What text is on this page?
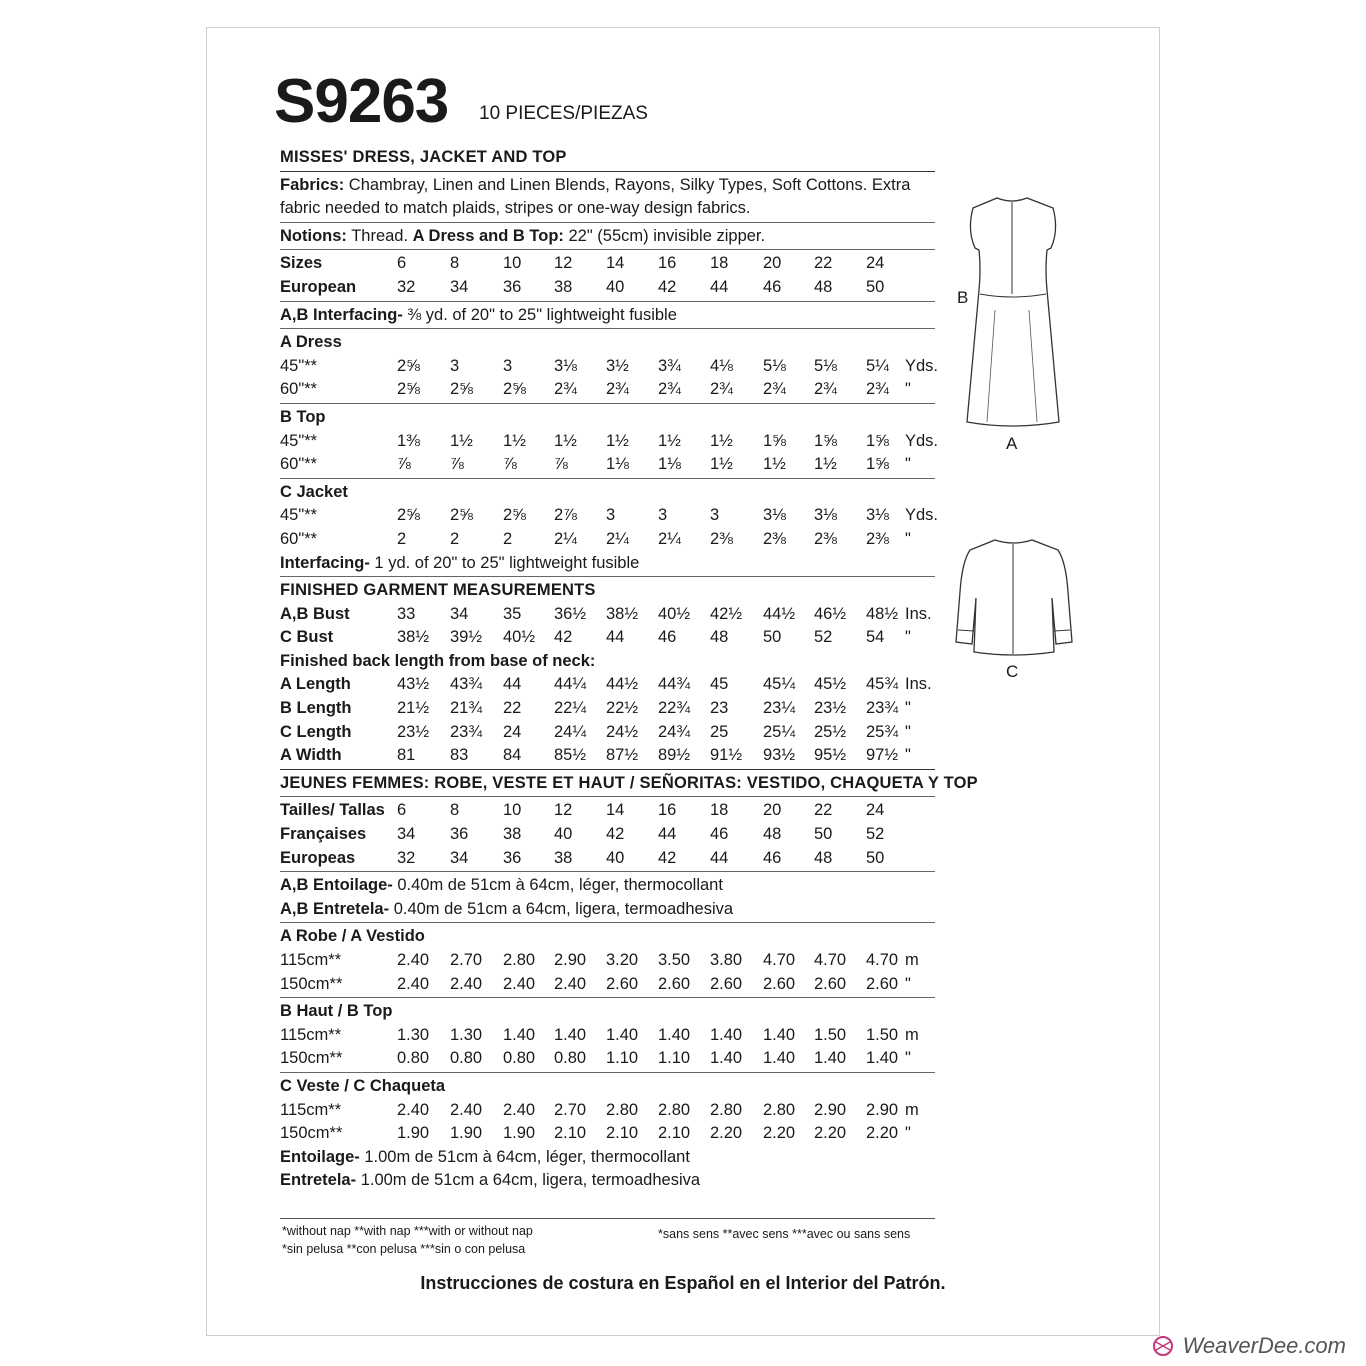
S9263 10 PIECES/PIEZAS
MISSES' DRESS, JACKET AND TOP
Fabrics: Chambray, Linen and Linen Blends, Rayons, Silky Types, Soft Cottons. Extra
fabric needed to match plaids, stripes or one-way design fabrics.
Notions: Thread. A Dress and B Top: 22" (55cm) invisible zipper.
Sizes	6	8	10 12 14 16 18 20 22 24
European 32 34 36 38 40 42 44 46 48 50
A,B Interfacing- ⅜ yd. of 20" to 25" lightweight fusible
A Dress
45"**	2⅝ 3	3	3⅛ 3½ 3¾ 4⅛ 5⅛ 5⅛ 5¼ Yds.
60"**	2⅝ 2⅝ 2⅝ 2¾ 2¾ 2¾ 2¾ 2¾ 2¾ 2¾ "
B Top
45"**	1⅜ 1½ 1½ 1½ 1½ 1½ 1½ 1⅝ 1⅝ 1⅝ Yds.
60"**	⅞ ⅞ ⅞ ⅞ 1⅛ 1⅛ 1½ 1½ 1½ 1⅝ "
C Jacket
45"**	2⅝ 2⅝ 2⅝ 2⅞ 3	3	3	3⅛ 3⅛ 3⅛ Yds.
60"**	2	2	2	2¼ 2¼ 2¼ 2⅜ 2⅜ 2⅜ 2⅜ "
Interfacing- 1 yd. of 20" to 25" lightweight fusible
FINISHED GARMENT MEASUREMENTS
A,B Bust	33 34 35 36½ 38½ 40½ 42½ 44½ 46½ 48½ Ins.
C Bust	38½ 39½ 40½ 42 44 46 48 50 52 54 "
Finished back length from base of neck:
A Length	43½ 43¾ 44 44¼ 44½ 44¾ 45 45¼ 45½ 45¾ Ins.
B Length	21½ 21¾ 22 22¼ 22½ 22¾ 23 23¼ 23½ 23¾ "
C Length	23½ 23¾ 24 24¼ 24½ 24¾ 25 25¼ 25½ 25¾ "
A Width	81 83 84 85½ 87½ 89½ 91½ 93½ 95½ 97½ "
JEUNES FEMMES: ROBE, VESTE ET HAUT / SEÑORITAS: VESTIDO, CHAQUETA Y TOP
Tailles/ Tallas 6	8	10 12 14 16 18 20 22 24
Françaises 34 36 38 40 42 44 46 48 50 52
Europeas	32 34 36 38 40 42 44 46 48 50
A,B Entoilage- 0.40m de 51cm à 64cm, léger, thermocollant
A,B Entretela- 0.40m de 51cm a 64cm, ligera, termoadhesiva
A Robe / A Vestido
115cm**	2.40 2.70 2.80 2.90 3.20 3.50 3.80 4.70 4.70 4.70 m
150cm**	2.40 2.40 2.40 2.40 2.60 2.60 2.60 2.60 2.60 2.60 "
B Haut / B Top
115cm**	1.30 1.30 1.40 1.40 1.40 1.40 1.40 1.40 1.50 1.50 m
150cm**	0.80 0.80 0.80 0.80 1.10 1.10 1.40 1.40 1.40 1.40 "
C Veste / C Chaqueta
115cm**	2.40 2.40 2.40 2.70 2.80 2.80 2.80 2.80 2.90 2.90 m
150cm**	1.90 1.90 1.90 2.10 2.10 2.10 2.20 2.20 2.20 2.20 "
Entoilage- 1.00m de 51cm à 64cm, léger, thermocollant
Entretela- 1.00m de 51cm a 64cm, ligera, termoadhesiva
*without nap **with nap ***with or without nap
*sin pelusa **con pelusa ***sin o con pelusa
*sans sens **avec sens ***avec ou sans sens
Instrucciones de costura en Español en el Interior del Patrón.
B
A
C
WeaverDee.com
